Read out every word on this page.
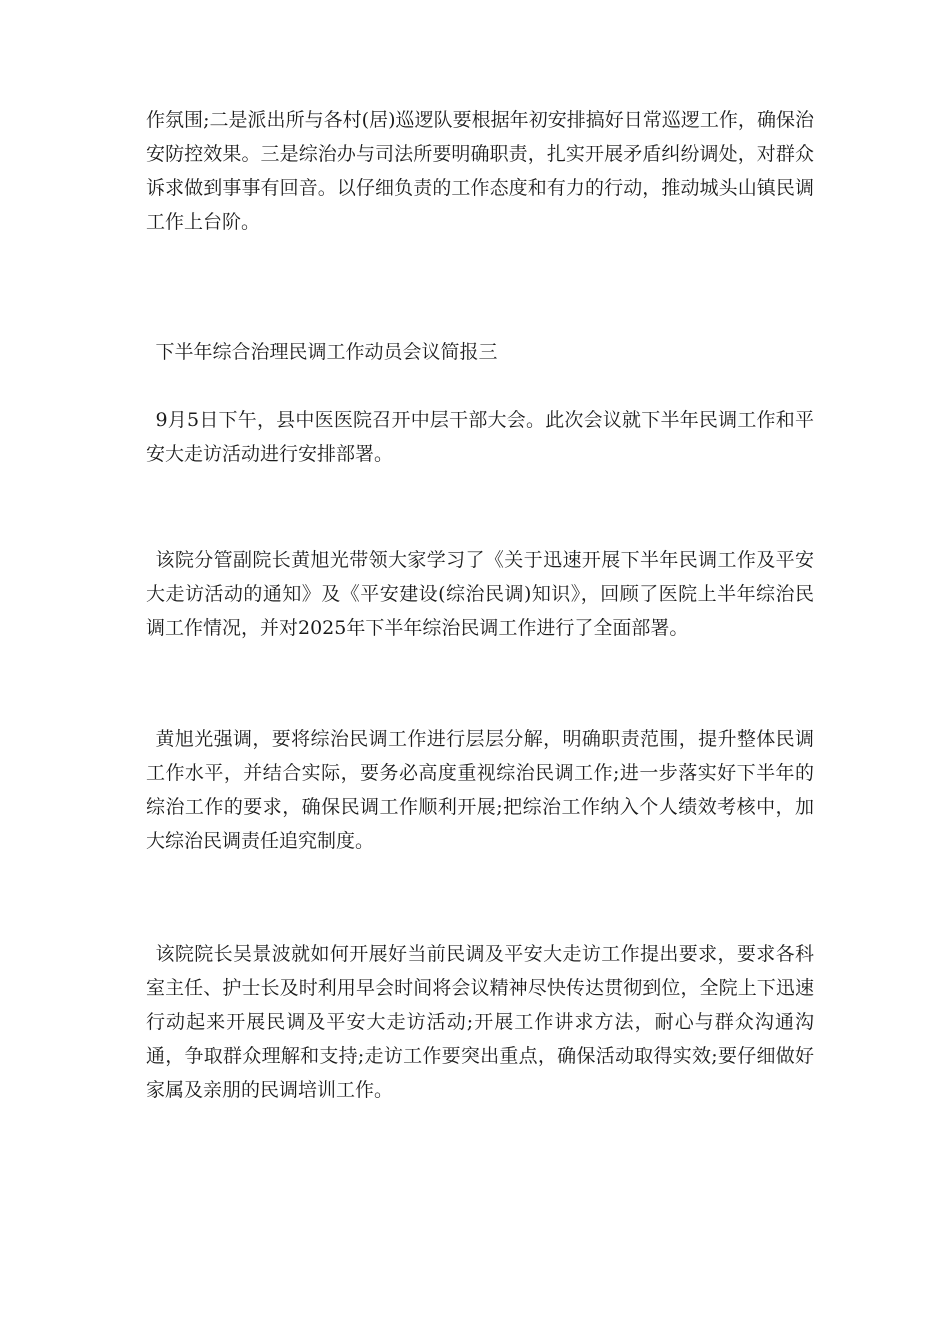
作氛围;二是派出所与各村(居)巡逻队要根据年初安排搞好日常巡逻工作，确保治安防控效果。三是综治办与司法所要明确职责，扎实开展矛盾纠纷调处，对群众诉求做到事事有回音。以仔细负责的工作态度和有力的行动，推动城头山镇民调工作上台阶。

下半年综合治理民调工作动员会议简报三

9月5日下午，县中医医院召开中层干部大会。此次会议就下半年民调工作和平安大走访活动进行安排部署。

该院分管副院长黄旭光带领大家学习了《关于迅速开展下半年民调工作及平安大走访活动的通知》及《平安建设(综治民调)知识》，回顾了医院上半年综治民调工作情况，并对2025年下半年综治民调工作进行了全面部署。

黄旭光强调，要将综治民调工作进行层层分解，明确职责范围，提升整体民调工作水平，并结合实际，要务必高度重视综治民调工作;进一步落实好下半年的综治工作的要求，确保民调工作顺利开展;把综治工作纳入个人绩效考核中，加大综治民调责任追究制度。

该院院长吴景波就如何开展好当前民调及平安大走访工作提出要求，要求各科室主任、护士长及时利用早会时间将会议精神尽快传达贯彻到位，全院上下迅速行动起来开展民调及平安大走访活动;开展工作讲求方法，耐心与群众沟通沟通，争取群众理解和支持;走访工作要突出重点，确保活动取得实效;要仔细做好家属及亲朋的民调培训工作。
